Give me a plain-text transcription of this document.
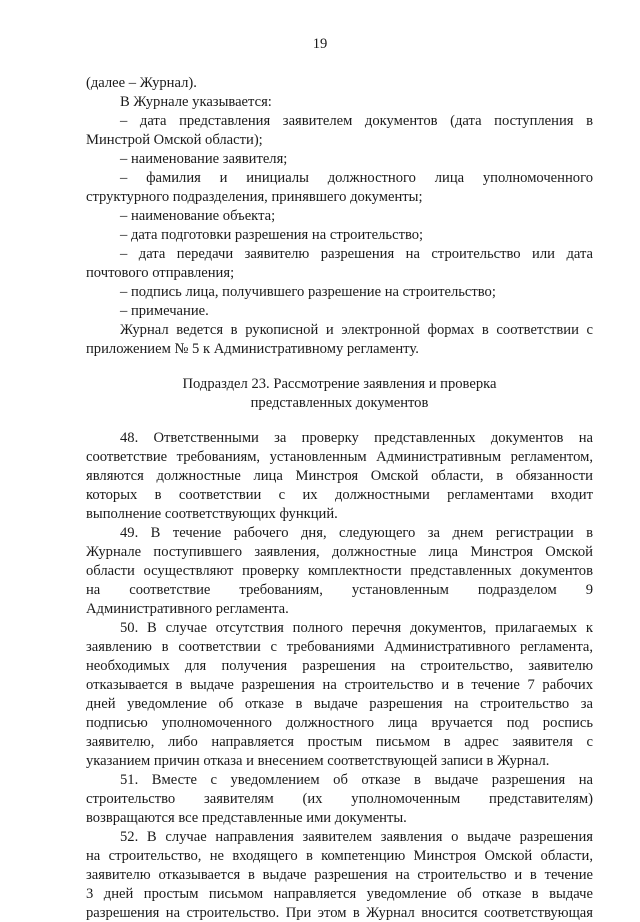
19
(далее – Журнал).
В Журнале указывается:
– дата представления заявителем документов (дата поступления в
Минстрой Омской области);
– наименование заявителя;
– фамилия и инициалы должностного лица уполномоченного
структурного подразделения, принявшего документы;
– наименование объекта;
– дата подготовки разрешения на строительство;
– дата передачи заявителю разрешения на строительство или дата
почтового отправления;
– подпись лица, получившего разрешение на строительство;
– примечание.
Журнал ведется в рукописной и электронной формах в соответствии с
приложением № 5 к Административному регламенту.
Подраздел 23. Рассмотрение заявления и проверка
представленных документов
48. Ответственными за проверку представленных документов на
соответствие требованиям, установленным Административным регламентом,
являются должностные лица Минстроя Омской области, в обязанности
которых в соответствии с их должностными регламентами входит
выполнение соответствующих функций.
49. В течение рабочего дня, следующего за днем регистрации в
Журнале поступившего заявления, должностные лица Минстроя Омской
области осуществляют проверку комплектности представленных документов
на соответствие требованиям, установленным подразделом 9
Административного регламента.
50. В случае отсутствия полного перечня документов, прилагаемых к
заявлению в соответствии с требованиями Административного регламента,
необходимых для получения разрешения на строительство, заявителю
отказывается в выдаче разрешения на строительство и в течение 7 рабочих
дней уведомление об отказе в выдаче разрешения на строительство за
подписью уполномоченного должностного лица вручается под роспись
заявителю, либо направляется простым письмом в адрес заявителя с
указанием причин отказа и внесением соответствующей записи в Журнал.
51. Вместе с уведомлением об отказе в выдаче разрешения на
строительство заявителям (их уполномоченным представителям)
возвращаются все представленные ими документы.
52. В случае направления заявителем заявления о выдаче разрешения
на строительство, не входящего в компетенцию Минстроя Омской области,
заявителю отказывается в выдаче разрешения на строительство и в течение
3 дней простым письмом направляется уведомление об отказе в выдаче
разрешения на строительство. При этом в Журнал вносится соответствующая
